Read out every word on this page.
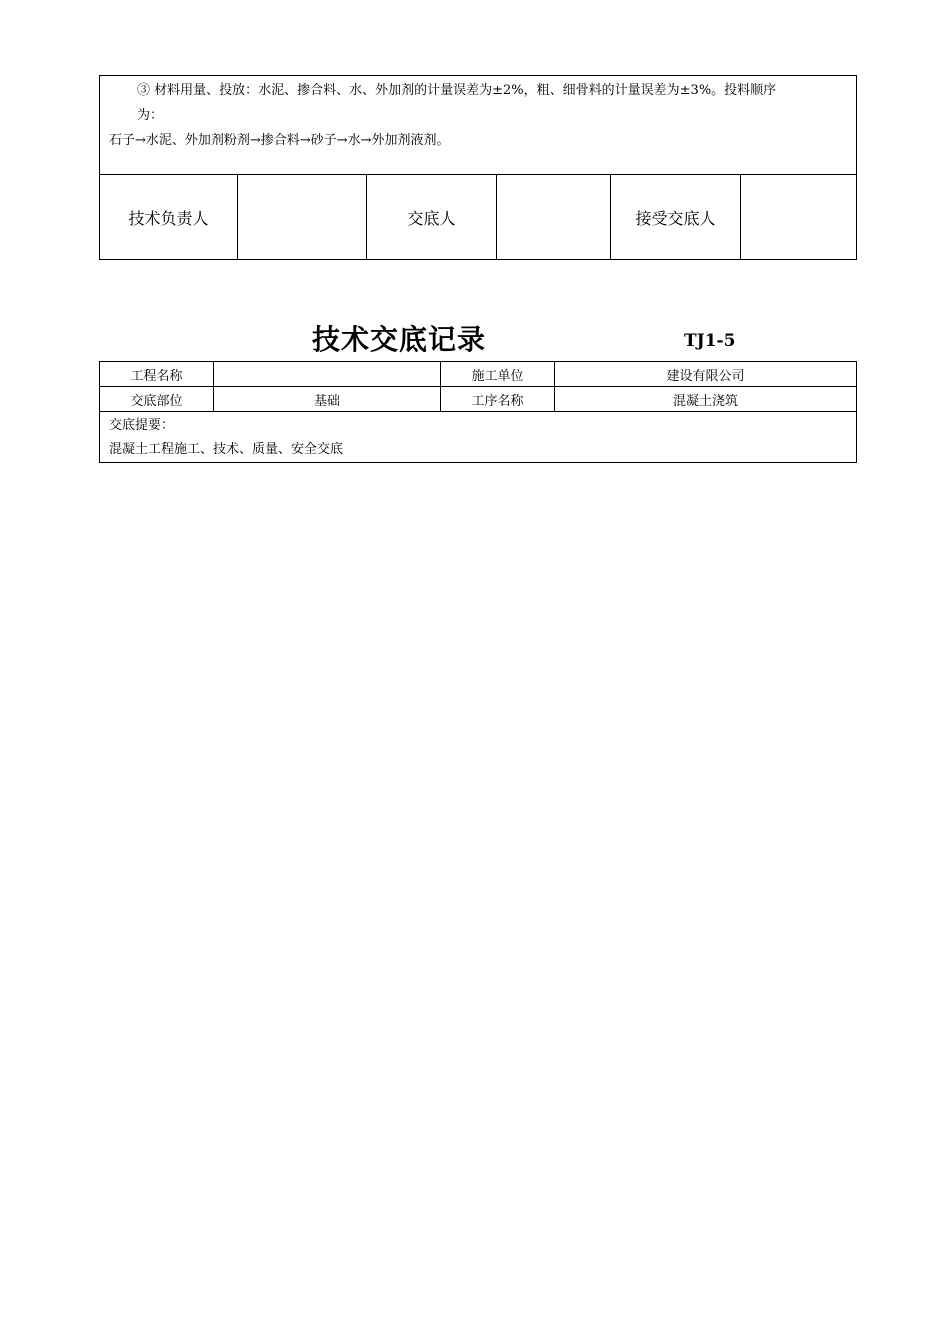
③ 材料用量、投放：水泥、掺合料、水、外加剂的计量误差为±2%，粗、细骨料的计量误差为±3%。投料顺序
为：
石子→水泥、外加剂粉剂→掺合料→砂子→水→外加剂液剂。

技术负责人		交底人		接受交底人	
技术交底记录	TJ1-5
工程名称		施工单位	建设有限公司
交底部位	基础	工序名称	混凝土浇筑

交底提要：
混凝土工程施工、技术、质量、安全交底			
